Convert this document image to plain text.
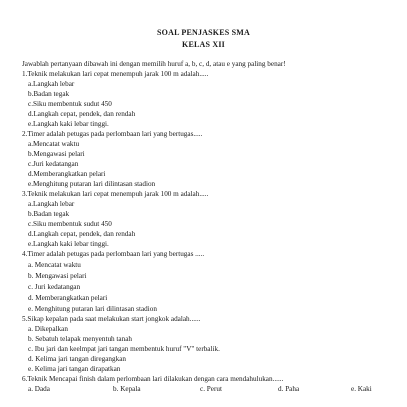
SOAL PENJASKES SMA
KELAS XII
Jawablah pertanyaan dibawah ini dengan memilih huruf a, b, c, d, atau e yang paling benar!
1.Teknik melakukan lari cepat menempuh jarak 100 m adalah.....
a.Langkah lebar
b.Badan tegak
c.Siku membentuk sudut 450
d.Langkah cepat, pendek, dan rendah
e.Langkah kaki lebar tinggi.
2.Timer adalah petugas pada perlombaan lari yang bertugas.....
a.Mencatat waktu
b.Mengawasi pelari
c.Juri kedatangan
d.Memberangkatkan pelari
e.Menghitung putaran lari dilintasan stadion
3.Teknik melakukan lari cepat menempuh jarak 100 m adalah.....
a.Langkah lebar
b.Badan tegak
c.Siku membentuk sudut 450
d.Langkah cepat, pendek, dan rendah
e.Langkah kaki lebar tinggi.
4.Timer adalah petugas pada perlombaan lari yang bertugas .....
a. Mencatat waktu
b. Mengawasi pelari
c. Juri kedatangan
d. Memberangkatkan pelari
e. Menghitung putaran lari dilintasan stadion
5.Sikap kepalan pada saat melakukan start jongkok adalah......
a. Dikepalkan
b. Sebatuh telapak menyentuh tanah
c. Ibu jari dan keelmpat jari tangan membentuk huruf "V" terbalik.
d. Kelima jari tangan diregangkan
e. Kelima jari tangan dirapatkan
6.Teknik Mencapai finish dalam perlombaan lari dilakukan dengan cara mendahulukan......
a. Dada	b. Kepala	c. Perut	d. Paha	e. Kaki
